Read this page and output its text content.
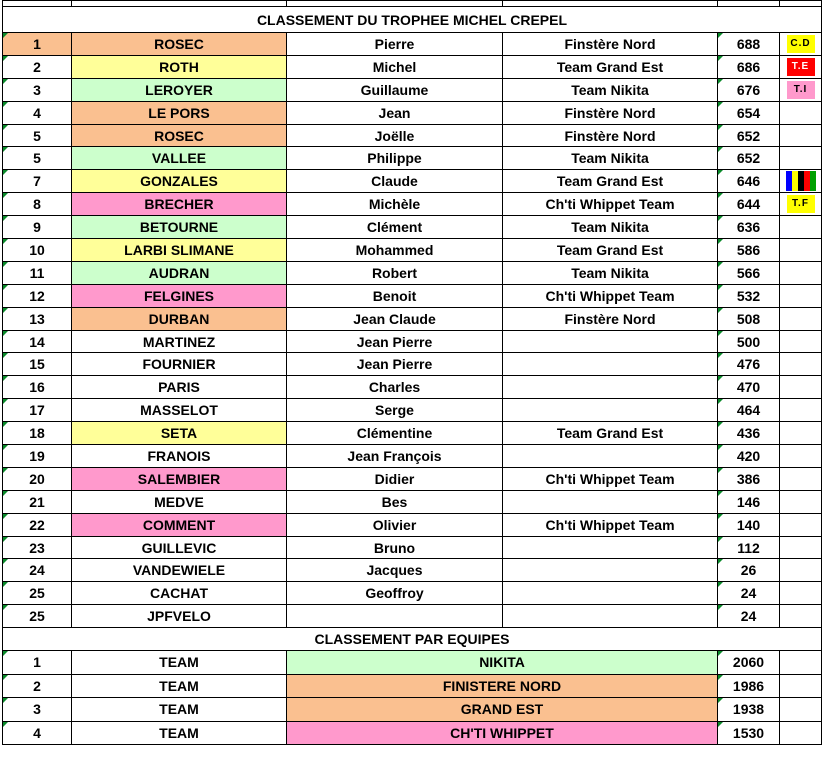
CLASSEMENT DU TROPHEE MICHEL CREPEL					
1	ROSEC	Pierre	Finstère Nord	688	C.D
2	ROTH	Michel	Team Grand Est	686	T.E
3	LEROYER	Guillaume	Team Nikita	676	T.I
4	LE PORS	Jean	Finstère Nord	654	
5	ROSEC	Joëlle	Finstère Nord	652	
5	VALLEE	Philippe	Team Nikita	652	
7	GONZALES	Claude	Team Grand Est	646	
8	BRECHER	Michèle	Ch'ti Whippet Team	644	T.F
9	BETOURNE	Clément	Team Nikita	636	
10	LARBI SLIMANE	Mohammed	Team Grand Est	586	
11	AUDRAN	Robert	Team Nikita	566	
12	FELGINES	Benoit	Ch'ti Whippet Team	532	
13	DURBAN	Jean Claude	Finstère Nord	508	
14	MARTINEZ	Jean Pierre		500	
15	FOURNIER	Jean Pierre		476	
16	PARIS	Charles		470	
17	MASSELOT	Serge		464	
18	SETA	Clémentine	Team Grand Est	436	
19	FRANOIS	Jean François		420	
20	SALEMBIER	Didier	Ch'ti Whippet Team	386	
21	MEDVE	Bes		146	
22	COMMENT	Olivier	Ch'ti Whippet Team	140	
23	GUILLEVIC	Bruno		112	
24	VANDEWIELE	Jacques		26	
25	CACHAT	Geoffroy		24	
25	JPFVELO			24	
CLASSEMENT PAR EQUIPES					
1	TEAM	NIKITA		2060	
2	TEAM	FINISTERE NORD		1986	
3	TEAM	GRAND EST		1938	
4	TEAM	CH'TI WHIPPET		1530	
